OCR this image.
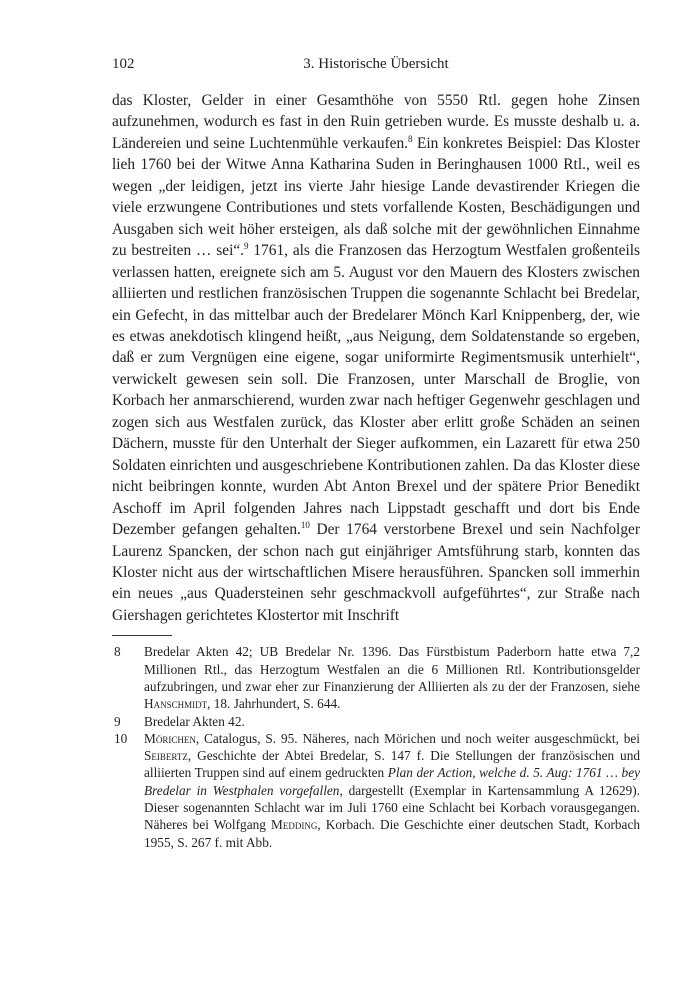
102	3. Historische Übersicht
das Kloster, Gelder in einer Gesamthöhe von 5550 Rtl. gegen hohe Zinsen aufzunehmen, wodurch es fast in den Ruin getrieben wurde. Es musste deshalb u. a. Ländereien und seine Luchtenmühle verkaufen.$^8$ Ein konkretes Beispiel: Das Kloster lieh 1760 bei der Witwe Anna Katharina Suden in Beringhausen 1000 Rtl., weil es wegen „der leidigen, jetzt ins vierte Jahr hiesige Lande devastirender Kriegen die viele erzwungene Contributiones und stets vorfallende Kosten, Beschädigungen und Ausgaben sich weit höher ersteigen, als daß solche mit der gewöhnlichen Einnahme zu bestreiten … sei“.$^9$ 1761, als die Franzosen das Herzogtum Westfalen großenteils verlassen hatten, ereignete sich am 5. August vor den Mauern des Klosters zwischen alliierten und restlichen französischen Truppen die sogenannte Schlacht bei Bredelar, ein Gefecht, in das mittelbar auch der Bredelarer Mönch Karl Knippenberg, der, wie es etwas anekdotisch klingend heißt, „aus Neigung, dem Soldatenstande so ergeben, daß er zum Vergnügen eine eigene, sogar uniformirte Regimentsmusik unterhielt“, verwickelt gewesen sein soll. Die Franzosen, unter Marschall de Broglie, von Korbach her anmarschierend, wurden zwar nach heftiger Gegenwehr geschlagen und zogen sich aus Westfalen zurück, das Kloster aber erlitt große Schäden an seinen Dächern, musste für den Unterhalt der Sieger aufkommen, ein Lazarett für etwa 250 Soldaten einrichten und ausgeschriebene Kontributionen zahlen. Da das Kloster diese nicht beibringen konnte, wurden Abt Anton Brexel und der spätere Prior Benedikt Aschoff im April folgenden Jahres nach Lippstadt geschafft und dort bis Ende Dezember gefangen gehalten.$^{10}$ Der 1764 verstorbene Brexel und sein Nachfolger Laurenz Spancken, der schon nach gut einjähriger Amtsführung starb, konnten das Kloster nicht aus der wirtschaftlichen Misere herausführen. Spancken soll immerhin ein neues „aus Quadersteinen sehr geschmackvoll aufgeführtes“, zur Straße nach Giershagen gerichtetes Klostertor mit Inschrift
8 Bredelar Akten 42; UB Bredelar Nr. 1396. Das Fürstbistum Paderborn hatte etwa 7,2 Millionen Rtl., das Herzogtum Westfalen an die 6 Millionen Rtl. Kontributionsgelder aufzubringen, und zwar eher zur Finanzierung der Alliierten als zu der der Franzosen, siehe Hanschmidt, 18. Jahrhundert, S. 644.
9 Bredelar Akten 42.
10 Mörichen, Catalogus, S. 95. Näheres, nach Mörichen und noch weiter ausgeschmückt, bei Seibertz, Geschichte der Abtei Bredelar, S. 147 f. Die Stellungen der französischen und alliierten Truppen sind auf einem gedruckten Plan der Action, welche d. 5. Aug: 1761 … bey Bredelar in Westphalen vorgefallen, dargestellt (Exemplar in Kartensammlung A 12629). Dieser sogenannten Schlacht war im Juli 1760 eine Schlacht bei Korbach vorausgegangen. Näheres bei Wolfgang Medding, Korbach. Die Geschichte einer deutschen Stadt, Korbach 1955, S. 267 f. mit Abb.
